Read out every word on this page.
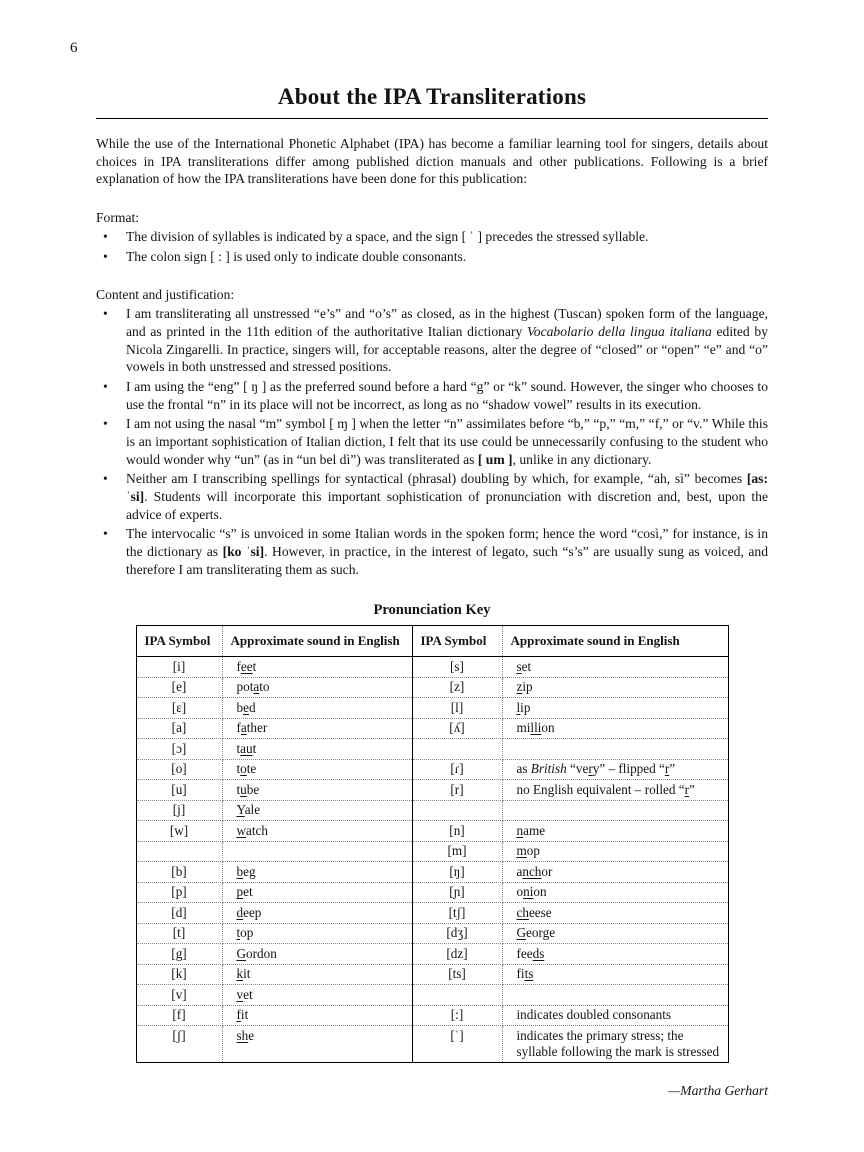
6
About the IPA Transliterations

While the use of the International Phonetic Alphabet (IPA) has become a familiar learning tool for singers, details about choices in IPA transliterations differ among published diction manuals and other publications. Following is a brief explanation of how the IPA transliterations have been done for this publication:

Format:

• The division of syllables is indicated by a space, and the sign [ ˈ ] precedes the stressed syllable.
• The colon sign [ : ] is used only to indicate double consonants.

Content and justification:

• I am transliterating all unstressed “e’s” and “o’s” as closed, as in the highest (Tuscan) spoken form of the language, and as printed in the 11th edition of the authoritative Italian dictionary Vocabolario della lingua italiana edited by Nicola Zingarelli. In practice, singers will, for acceptable reasons, alter the degree of “closed” or “open” “e” and “o” vowels in both unstressed and stressed positions.
• I am using the “eng” [ ŋ ] as the preferred sound before a hard “g” or “k” sound. However, the singer who chooses to use the frontal “n” in its place will not be incorrect, as long as no “shadow vowel” results in its execution.
• I am not using the nasal “m” symbol [ ɱ ] when the letter “n” assimilates before “b,” “p,” “m,” “f,” or “v.” While this is an important sophistication of Italian diction, I felt that its use could be unnecessarily confusing to the student who would wonder why “un” (as in “un bel dì”) was transliterated as [ um ], unlike in any dictionary.
• Neither am I transcribing spellings for syntactical (phrasal) doubling by which, for example, “ah, sì” becomes [as: ˈsi]. Students will incorporate this important sophistication of pronunciation with discretion and, best, upon the advice of experts.
• The intervocalic “s” is unvoiced in some Italian words in the spoken form; hence the word “così,” for instance, is in the dictionary as [ko ˈsi]. However, in practice, in the interest of legato, such “s’s” are usually sung as voiced, and therefore I am transliterating them as such.
Pronunciation Key
IPA Symbol	Approximate sound in English	IPA Symbol	Approximate sound in English
[i]	feet	[s]	set
[e]	potato	[z]	zip
[ɛ]	bed	[l]	lip
[a]	father	[ʎ]	million
[ɔ]	taut		
[o]	tote	[ɾ]	as British “very” – flipped “r”
[u]	tube	[r]	no English equivalent – rolled “r”
[j]	Yale		
[w]	watch	[n]	name
		[m]	mop
[b]	beg	[ŋ]	anchor
[p]	pet	[ɲ]	onion
[d]	deep	[tʃ]	cheese
[t]	top	[dʒ]	George
[g]	Gordon	[dz]	feeds
[k]	kit	[ts]	fits
[v]	vet		
[f]	fit	[:]	indicates doubled consonants
[ʃ]	she	[ˈ]	indicates the primary stress; the syllable following the mark is stressed

—Martha Gerhart
